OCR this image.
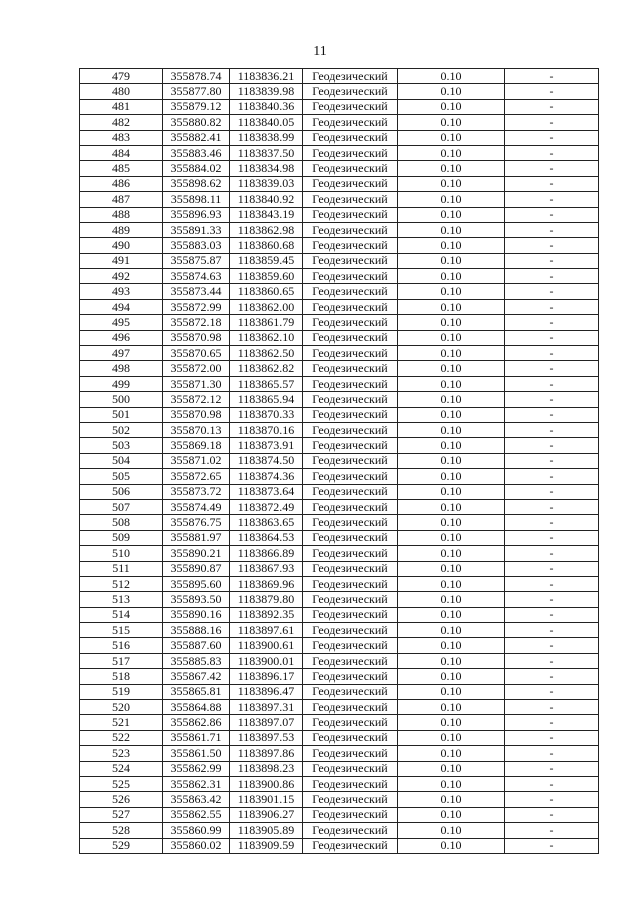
11
479	355878.74	1183836.21	Геодезический	0.10	-
480	355877.80	1183839.98	Геодезический	0.10	-
481	355879.12	1183840.36	Геодезический	0.10	-
482	355880.82	1183840.05	Геодезический	0.10	-
483	355882.41	1183838.99	Геодезический	0.10	-
484	355883.46	1183837.50	Геодезический	0.10	-
485	355884.02	1183834.98	Геодезический	0.10	-
486	355898.62	1183839.03	Геодезический	0.10	-
487	355898.11	1183840.92	Геодезический	0.10	-
488	355896.93	1183843.19	Геодезический	0.10	-
489	355891.33	1183862.98	Геодезический	0.10	-
490	355883.03	1183860.68	Геодезический	0.10	-
491	355875.87	1183859.45	Геодезический	0.10	-
492	355874.63	1183859.60	Геодезический	0.10	-
493	355873.44	1183860.65	Геодезический	0.10	-
494	355872.99	1183862.00	Геодезический	0.10	-
495	355872.18	1183861.79	Геодезический	0.10	-
496	355870.98	1183862.10	Геодезический	0.10	-
497	355870.65	1183862.50	Геодезический	0.10	-
498	355872.00	1183862.82	Геодезический	0.10	-
499	355871.30	1183865.57	Геодезический	0.10	-
500	355872.12	1183865.94	Геодезический	0.10	-
501	355870.98	1183870.33	Геодезический	0.10	-
502	355870.13	1183870.16	Геодезический	0.10	-
503	355869.18	1183873.91	Геодезический	0.10	-
504	355871.02	1183874.50	Геодезический	0.10	-
505	355872.65	1183874.36	Геодезический	0.10	-
506	355873.72	1183873.64	Геодезический	0.10	-
507	355874.49	1183872.49	Геодезический	0.10	-
508	355876.75	1183863.65	Геодезический	0.10	-
509	355881.97	1183864.53	Геодезический	0.10	-
510	355890.21	1183866.89	Геодезический	0.10	-
511	355890.87	1183867.93	Геодезический	0.10	-
512	355895.60	1183869.96	Геодезический	0.10	-
513	355893.50	1183879.80	Геодезический	0.10	-
514	355890.16	1183892.35	Геодезический	0.10	-
515	355888.16	1183897.61	Геодезический	0.10	-
516	355887.60	1183900.61	Геодезический	0.10	-
517	355885.83	1183900.01	Геодезический	0.10	-
518	355867.42	1183896.17	Геодезический	0.10	-
519	355865.81	1183896.47	Геодезический	0.10	-
520	355864.88	1183897.31	Геодезический	0.10	-
521	355862.86	1183897.07	Геодезический	0.10	-
522	355861.71	1183897.53	Геодезический	0.10	-
523	355861.50	1183897.86	Геодезический	0.10	-
524	355862.99	1183898.23	Геодезический	0.10	-
525	355862.31	1183900.86	Геодезический	0.10	-
526	355863.42	1183901.15	Геодезический	0.10	-
527	355862.55	1183906.27	Геодезический	0.10	-
528	355860.99	1183905.89	Геодезический	0.10	-
529	355860.02	1183909.59	Геодезический	0.10	-
